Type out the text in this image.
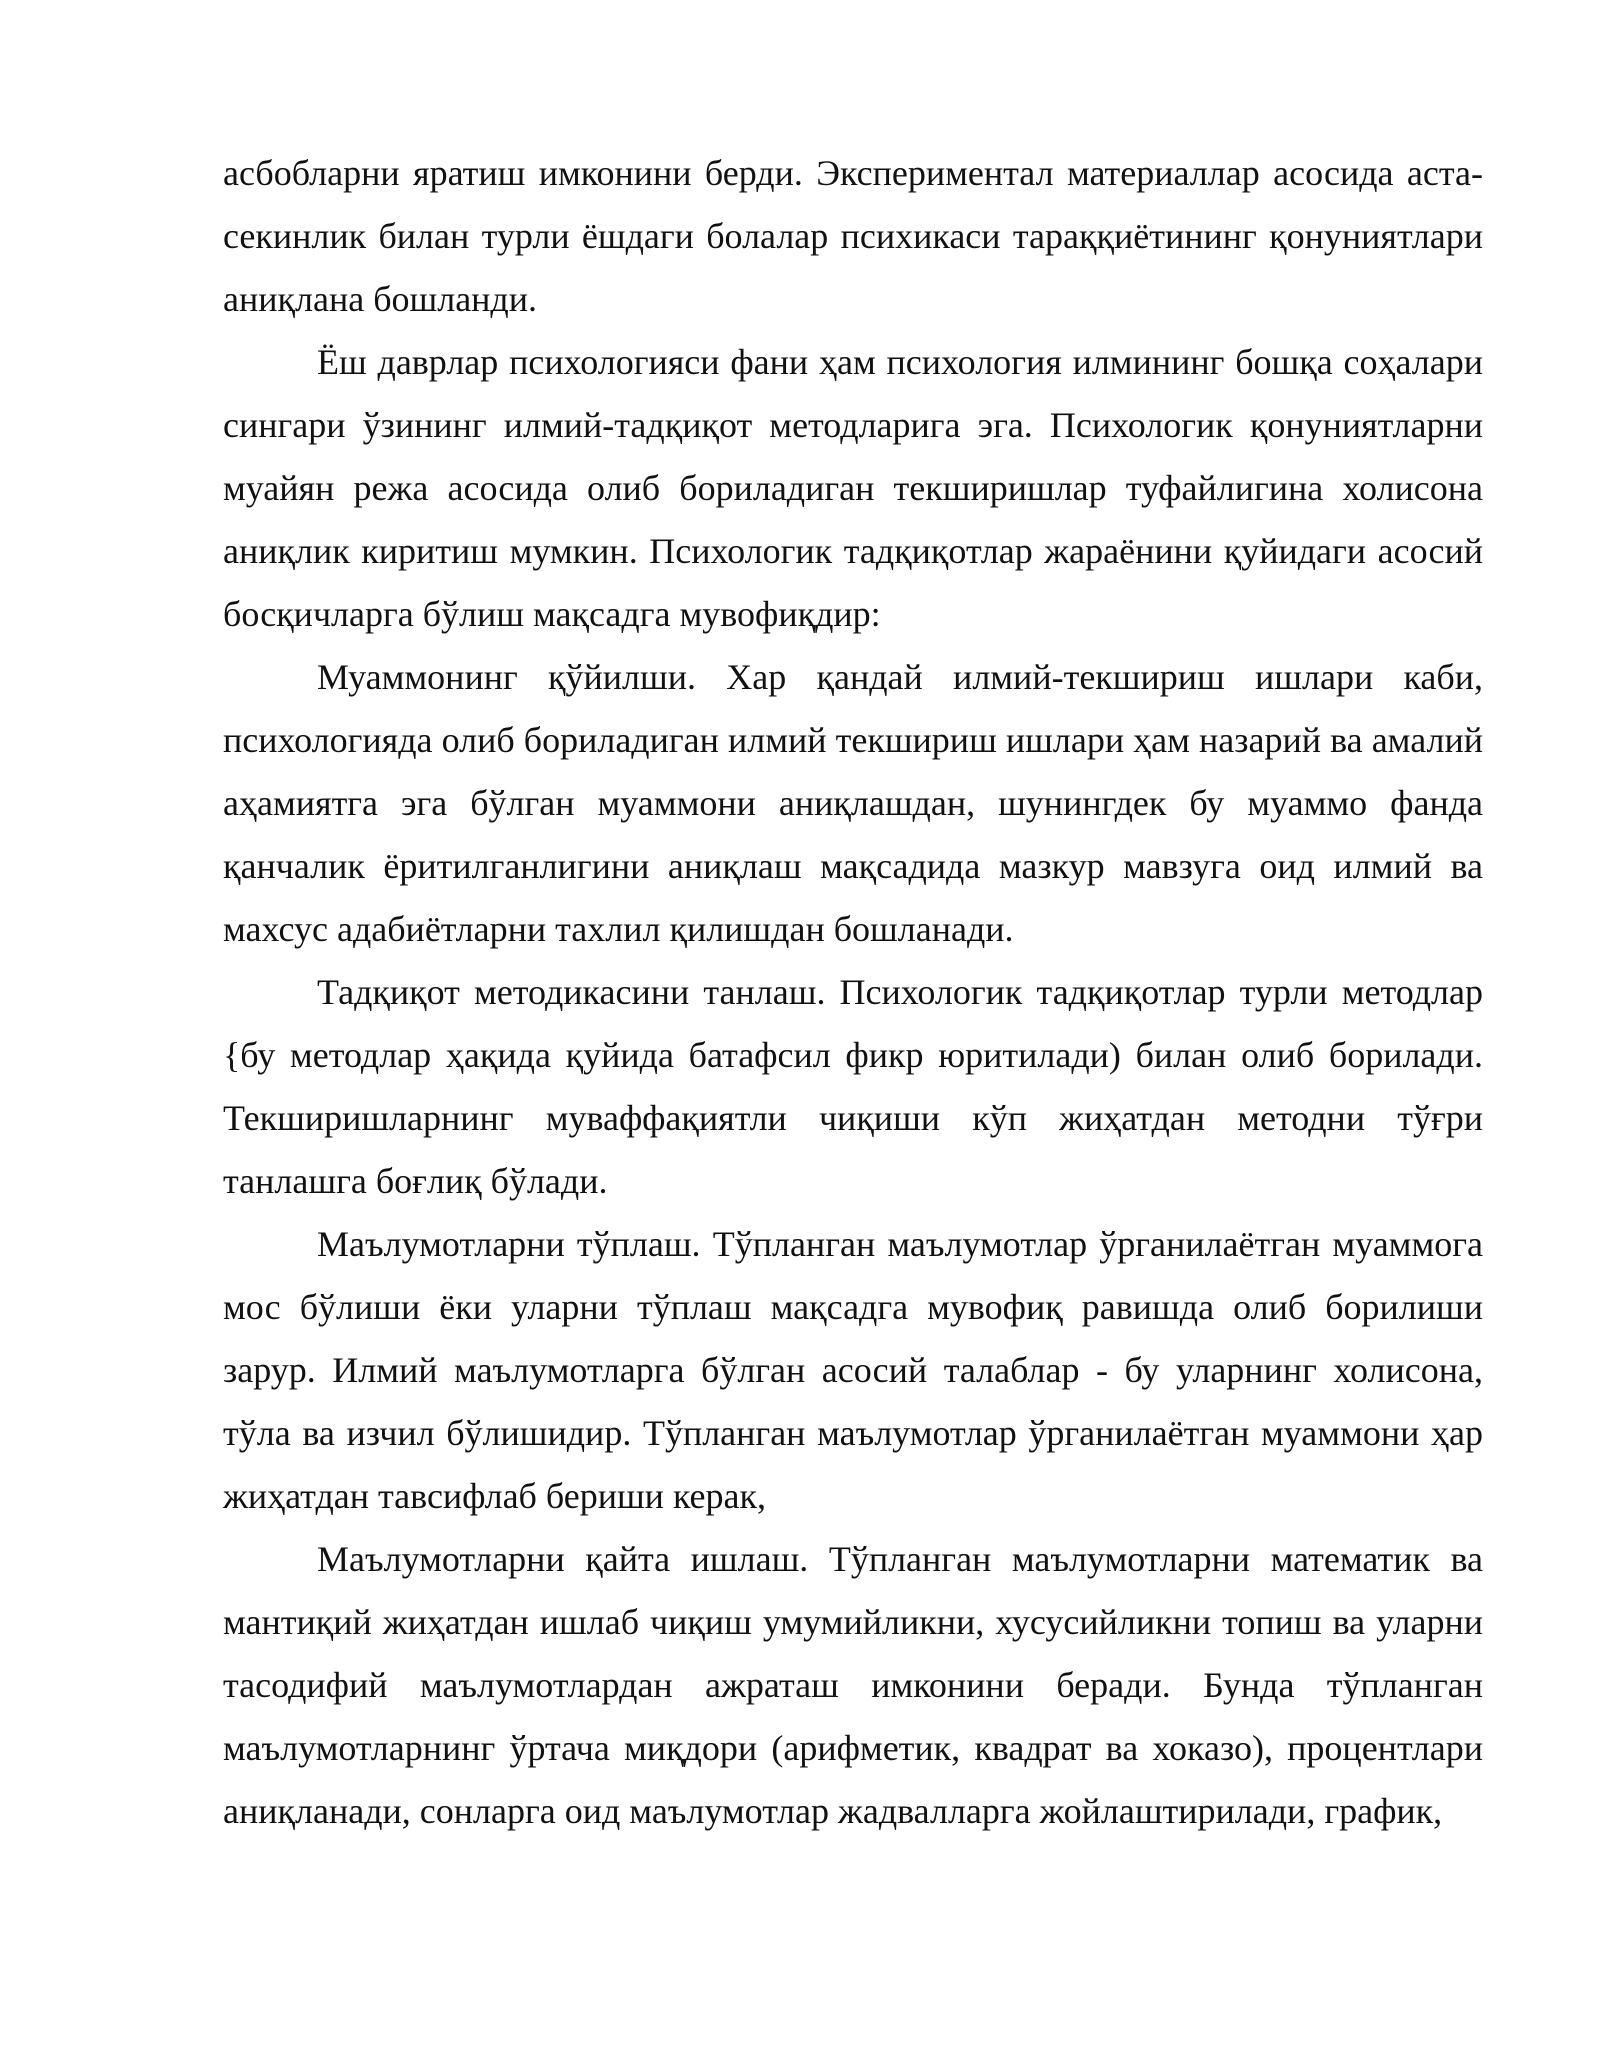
асбобларни яратиш имконини берди. Экспериментал материаллар асосида аста-секинлик билан турли ёшдаги болалар психикаси тараққиётининг қонуниятлари аниқлана бошланди.

Ёш даврлар психологияси фани ҳам психология илмининг бошқа соҳалари сингари ўзининг илмий-тадқиқот методларига эга. Психологик қонуниятларни муайян режа асосида олиб бориладиган текширишлар туфайлигина холисона аниқлик киритиш мумкин. Психологик тадқиқотлар жараёнини қуйидаги асосий босқичларга бўлиш мақсадга мувофиқдир:

Муаммонинг қўйилши. Хар қандай илмий-текшириш ишлари каби, психологияда олиб бориладиган илмий текшириш ишлари ҳам назарий ва амалий аҳамиятга эга бўлган муаммони аниқлашдан, шунингдек бу муаммо фанда қанчалик ёритилганлигини аниқлаш мақсадида мазкур мавзуга оид илмий ва махсус адабиётларни тахлил қилишдан бошланади.

Тадқиқот методикасини танлаш. Психологик тадқиқотлар турли методлар {бу методлар ҳақида қуйида батафсил фикр юритилади) билан олиб борилади. Текширишларнинг муваффақиятли чиқиши кўп жиҳатдан методни тўғри танлашга боғлиқ бўлади.

Маълумотларни тўплаш. Тўпланган маълумотлар ўрганилаётган муаммога мос бўлиши ёки уларни тўплаш мақсадга мувофиқ равишда олиб борилиши зарур. Илмий маълумотларга бўлган асосий талаблар - бу уларнинг холисона, тўла ва изчил бўлишидир. Тўпланган маълумотлар ўрганилаётган муаммони ҳар жиҳатдан тавсифлаб бериши керак,

Маълумотларни қайта ишлаш. Тўпланган маълумотларни математик ва мантиқий жиҳатдан ишлаб чиқиш умумийликни, хусусийликни топиш ва уларни тасодифий маълумотлардан ажраташ имконини беради. Бунда тўпланган маълумотларнинг ўртача миқдори (арифметик, квадрат ва хоказо), процентлари аниқланади, сонларга оид маълумотлар жадвалларга жойлаштирилади, график,
